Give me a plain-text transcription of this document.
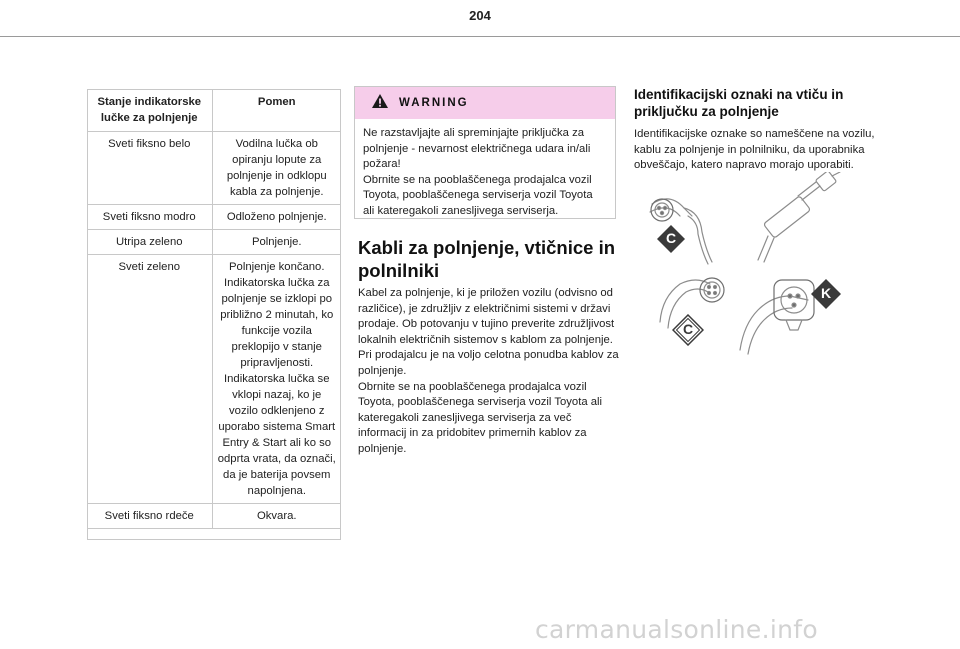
204
Stanje indikatorske lučke za polnjenje	Pomen
Sveti fiksno belo	Vodilna lučka ob opiranju lopute za polnjenje in odklopu kabla za polnjenje.
Sveti fiksno modro	Odloženo polnjenje.
Utripa zeleno	Polnjenje.
Sveti zeleno	Polnjenje končano. Indikatorska lučka za polnjenje se izklopi po približno 2 minutah, ko funkcije vozila preklopijo v stanje pripravljenosti. Indikatorska lučka se vklopi nazaj, ko je vozilo odklenjeno z uporabo sistema Smart Entry & Start ali ko so odprta vrata, da označi, da je baterija povsem napolnjena.
Sveti fiksno rdeče	Okvara.
WARNING

Ne razstavljajte ali spreminjajte priključka za polnjenje - nevarnost električnega udara in/ali požara!

Obrnite se na pooblaščenega prodajalca vozil Toyota, pooblaščenega serviserja vozil Toyota ali kateregakoli zanesljivega serviserja.

Kabli za polnjenje, vtičnice in polnilniki

Kabel za polnjenje, ki je priložen vozilu (odvisno od različice), je združljiv z električnimi sistemi v državi prodaje. Ob potovanju v tujino preverite združljivost lokalnih električnih sistemov s kablom za polnjenje.

Pri prodajalcu je na voljo celotna ponudba kablov za polnjenje.

Obrnite se na pooblaščenega prodajalca vozil Toyota, pooblaščenega serviserja vozil Toyota ali kateregakoli zanesljivega serviserja za več informacij in za pridobitev primernih kablov za polnjenje.

Identifikacijski oznaki na vtiču in priključku za polnjenje

Identifikacijske oznake so nameščene na vozilu, kablu za polnjenje in polnilniku, da uporabnika obveščajo, katero napravo morajo uporabiti.

C
C
K
carmanualsonline.info
